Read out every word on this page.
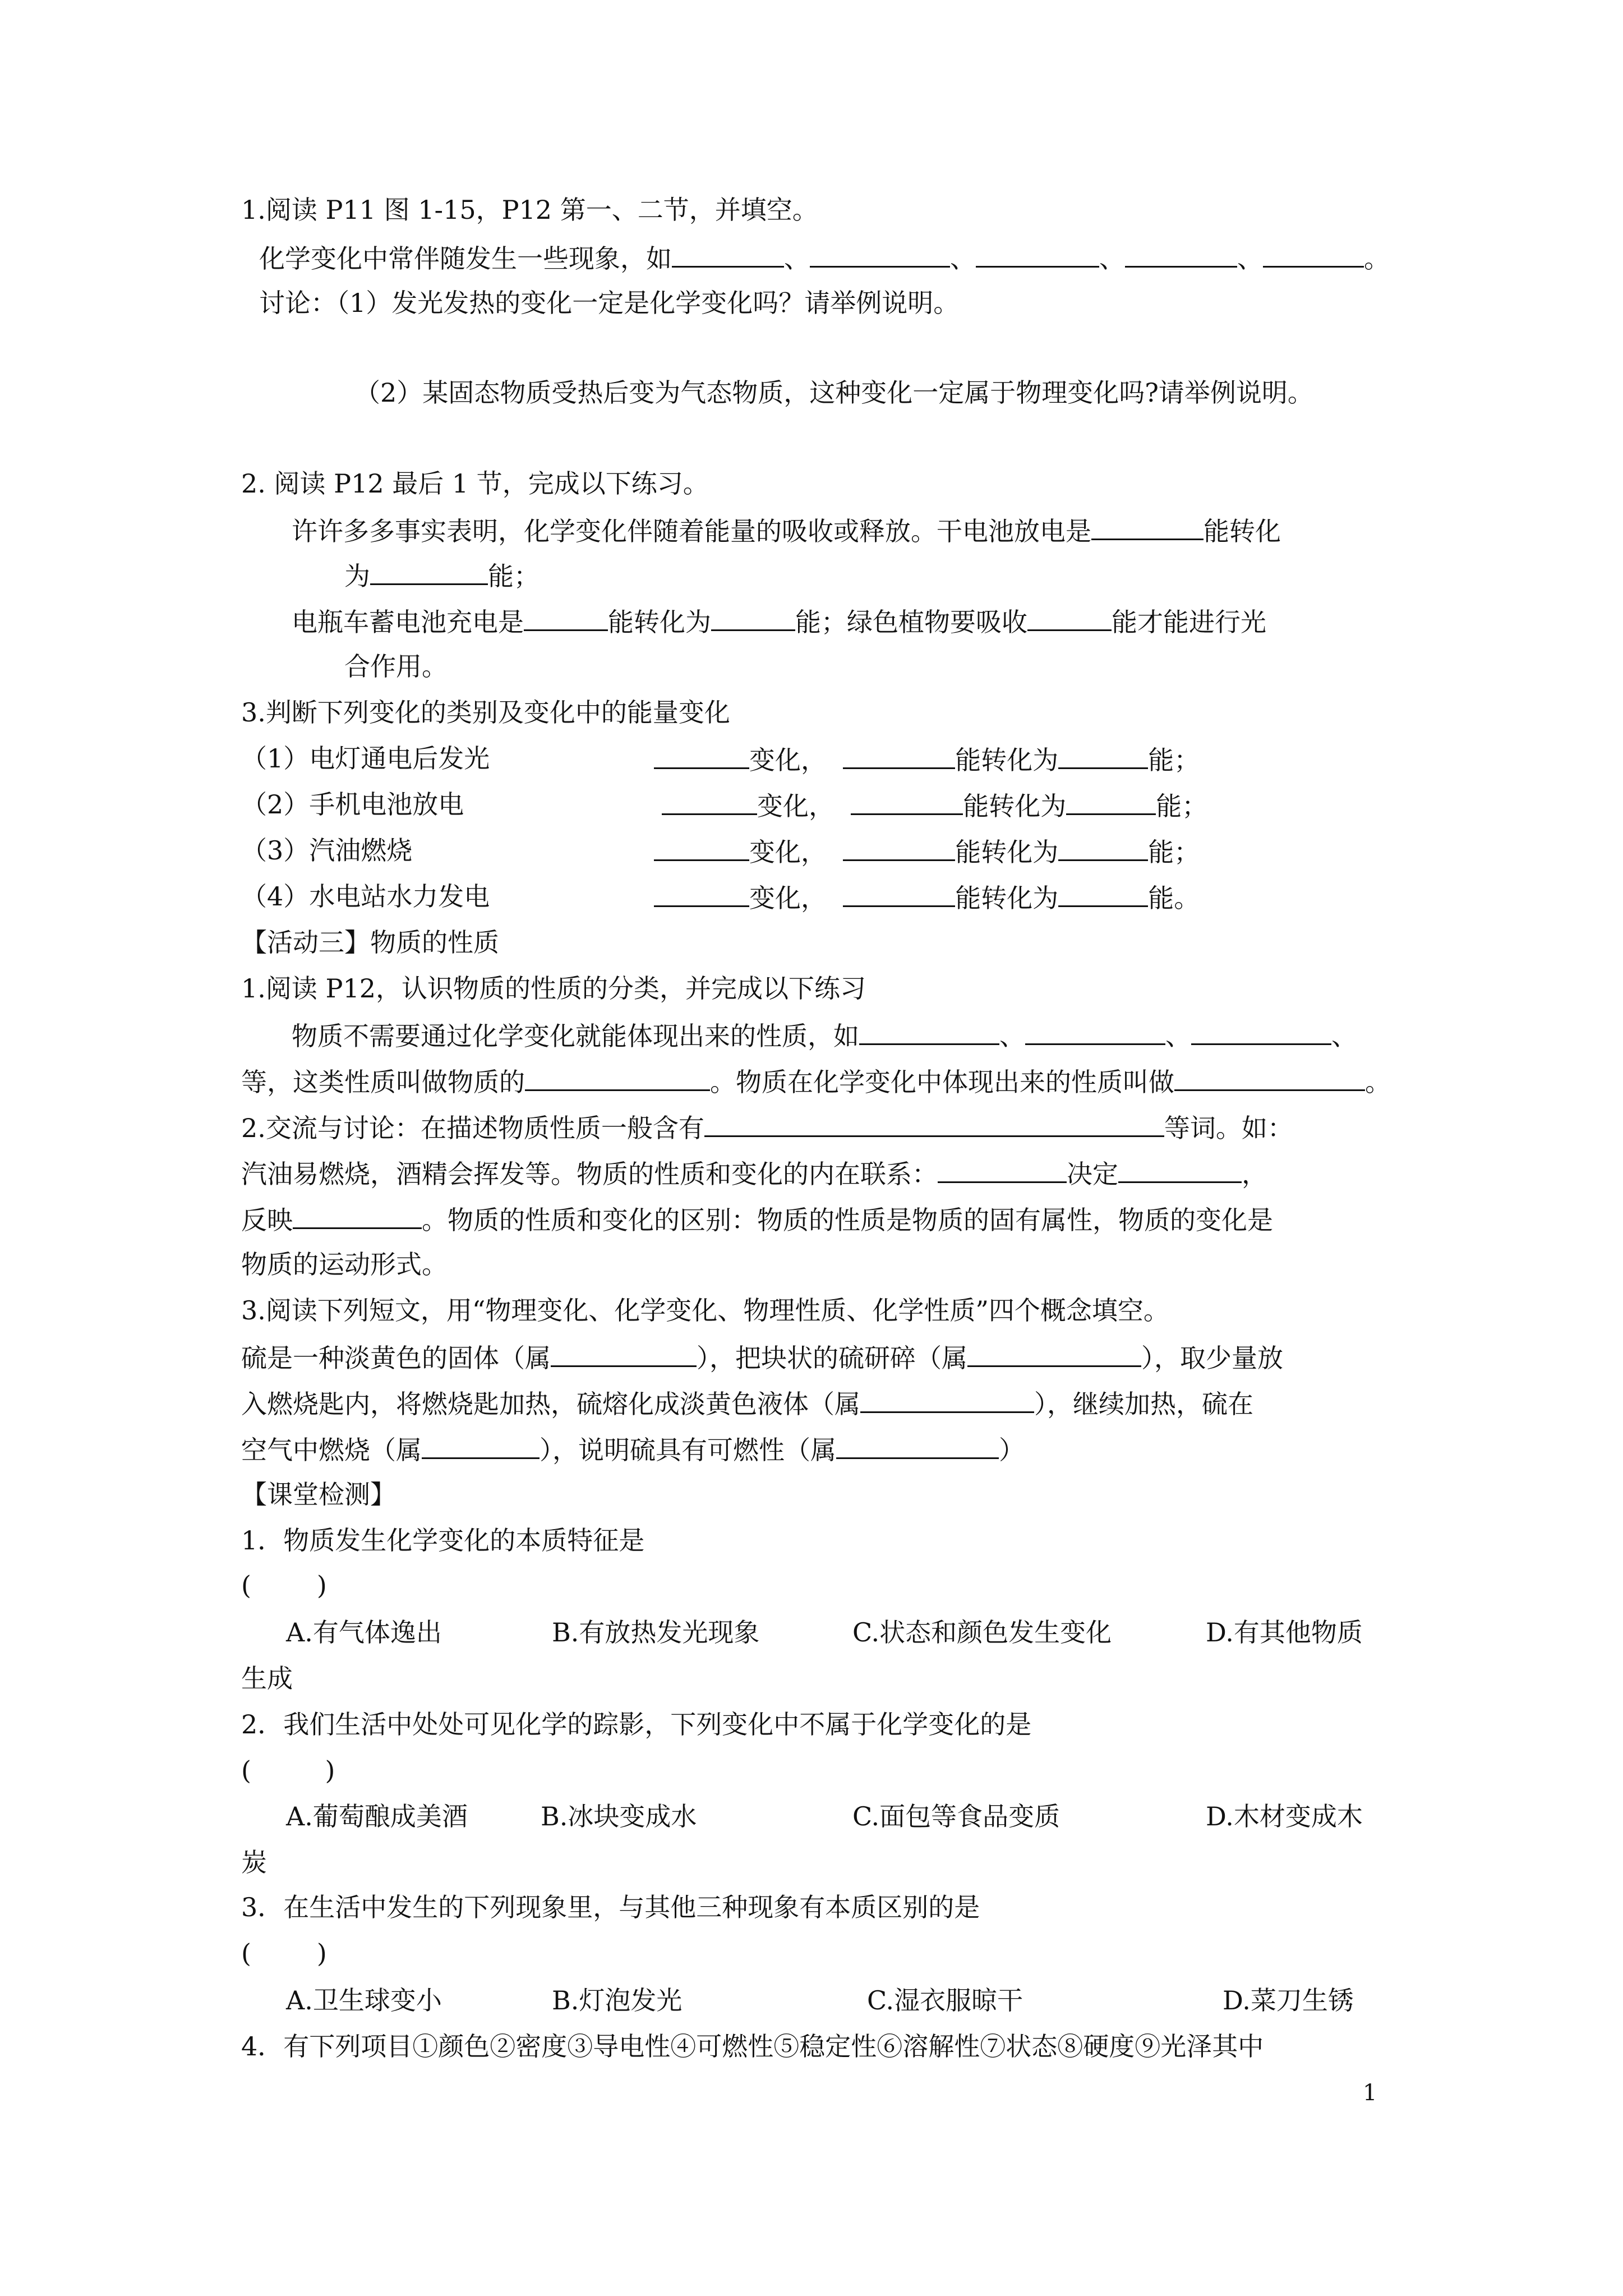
1.阅读 P11 图 1-15，P12 第一、二节，并填空。
化学变化中常伴随发生一些现象，如	、	、	、	、	。
讨论：（1）发光发热的变化一定是化学变化吗？请举例说明。
（2）某固态物质受热后变为气态物质，这种变化一定属于物理变化吗?请举例说明。
2. 阅读 P12 最后 1 节，完成以下练习。
许许多多事实表明，化学变化伴随着能量的吸收或释放。干电池放电是	能转化
为	能；
电瓶车蓄电池充电是	能转化为	能；绿色植物要吸收	能才能进行光
合作用。
3.判断下列变化的类别及变化中的能量变化
（1）电灯通电后发光	变化，	能转化为	能；
（2）手机电池放电	变化，	能转化为	能；
（3）汽油燃烧	变化，	能转化为	能；
（4）水电站水力发电	变化，	能转化为	能。
【活动三】物质的性质
1.阅读 P12，认识物质的性质的分类，并完成以下练习
物质不需要通过化学变化就能体现出来的性质，如	、	、	、
等，这类性质叫做物质的	。物质在化学变化中体现出来的性质叫做	。
2.交流与讨论：在描述物质性质一般含有	等词。如：
汽油易燃烧，酒精会挥发等。物质的性质和变化的内在联系：	决定	，
反映	。物质的性质和变化的区别：物质的性质是物质的固有属性，物质的变化是
物质的运动形式。
3.阅读下列短文，用“物理变化、化学变化、物理性质、化学性质”四个概念填空。
硫是一种淡黄色的固体（属	），把块状的硫研碎（属	），取少量放
入燃烧匙内，将燃烧匙加热，硫熔化成淡黄色液体（属	），继续加热，硫在
空气中燃烧（属	），说明硫具有可燃性（属	）
【课堂检测】
1．物质发生化学变化的本质特征是
(        )
A.有气体逸出	B.有放热发光现象	C.状态和颜色发生变化	D.有其他物质
生成
2．我们生活中处处可见化学的踪影，下列变化中不属于化学变化的是
(         )
A.葡萄酿成美酒	B.冰块变成水	C.面包等食品变质	D.木材变成木
炭
3．在生活中发生的下列现象里，与其他三种现象有本质区别的是
(        )
A.卫生球变小	B.灯泡发光	C.湿衣服晾干	D.菜刀生锈
4．有下列项目①颜色②密度③导电性④可燃性⑤稳定性⑥溶解性⑦状态⑧硬度⑨光泽其中
1
